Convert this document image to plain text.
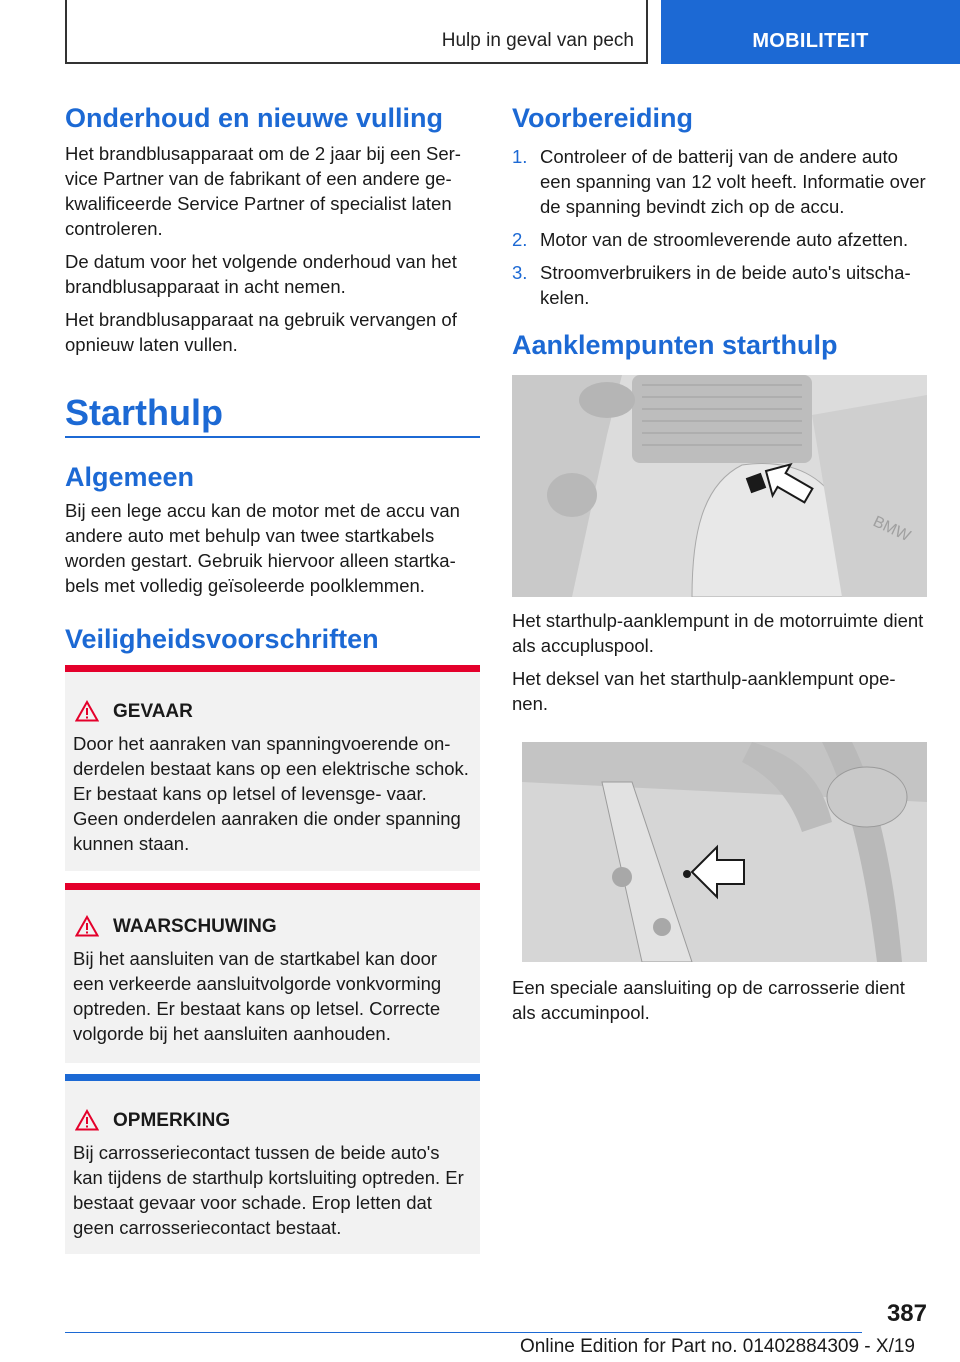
Hulp in geval van pech	MOBILITEIT
Onderhoud en nieuwe vulling

Het brandblusapparaat om de 2 jaar bij een Ser‐ vice Partner van de fabrikant of een andere ge‐ kwalificeerde Service Partner of specialist laten controleren.

De datum voor het volgende onderhoud van het brandblusapparaat in acht nemen.

Het brandblusapparaat na gebruik vervangen of opnieuw laten vullen.

Starthulp
Algemeen

Bij een lege accu kan de motor met de accu van andere auto met behulp van twee startkabels worden gestart. Gebruik hiervoor alleen startka‐ bels met volledig geïsoleerde poolklemmen.

Veiligheidsvoorschriften
GEVAAR
Door het aanraken van spanningvoerende on‐ derdelen bestaat kans op een elektrische schok. Er bestaat kans op letsel of levensge‐ vaar. Geen onderdelen aanraken die onder spanning kunnen staan.
WAARSCHUWING
Bij het aansluiten van de startkabel kan door een verkeerde aansluitvolgorde vonkvorming optreden. Er bestaat kans op letsel. Correcte volgorde bij het aansluiten aanhouden.
OPMERKING
Bij carrosseriecontact tussen de beide auto's kan tijdens de starthulp kortsluiting optreden. Er bestaat gevaar voor schade. Erop letten dat geen carrosseriecontact bestaat.
Voorbereiding
1. Controleer of de batterij van de andere auto een spanning van 12 volt heeft. Informatie over de spanning bevindt zich op de accu.
2. Motor van de stroomleverende auto afzetten.
3. Stroomverbruikers in de beide auto's uitscha‐ kelen.
Aanklempunten starthulp
BMW
Het starthulp-aanklempunt in de motorruimte dient als accupluspool.
Het deksel van het starthulp-aanklempunt ope‐ nen.
Een speciale aansluiting op de carrosserie dient als accuminpool.
387
Online Edition for Part no. 01402884309 - X/19
